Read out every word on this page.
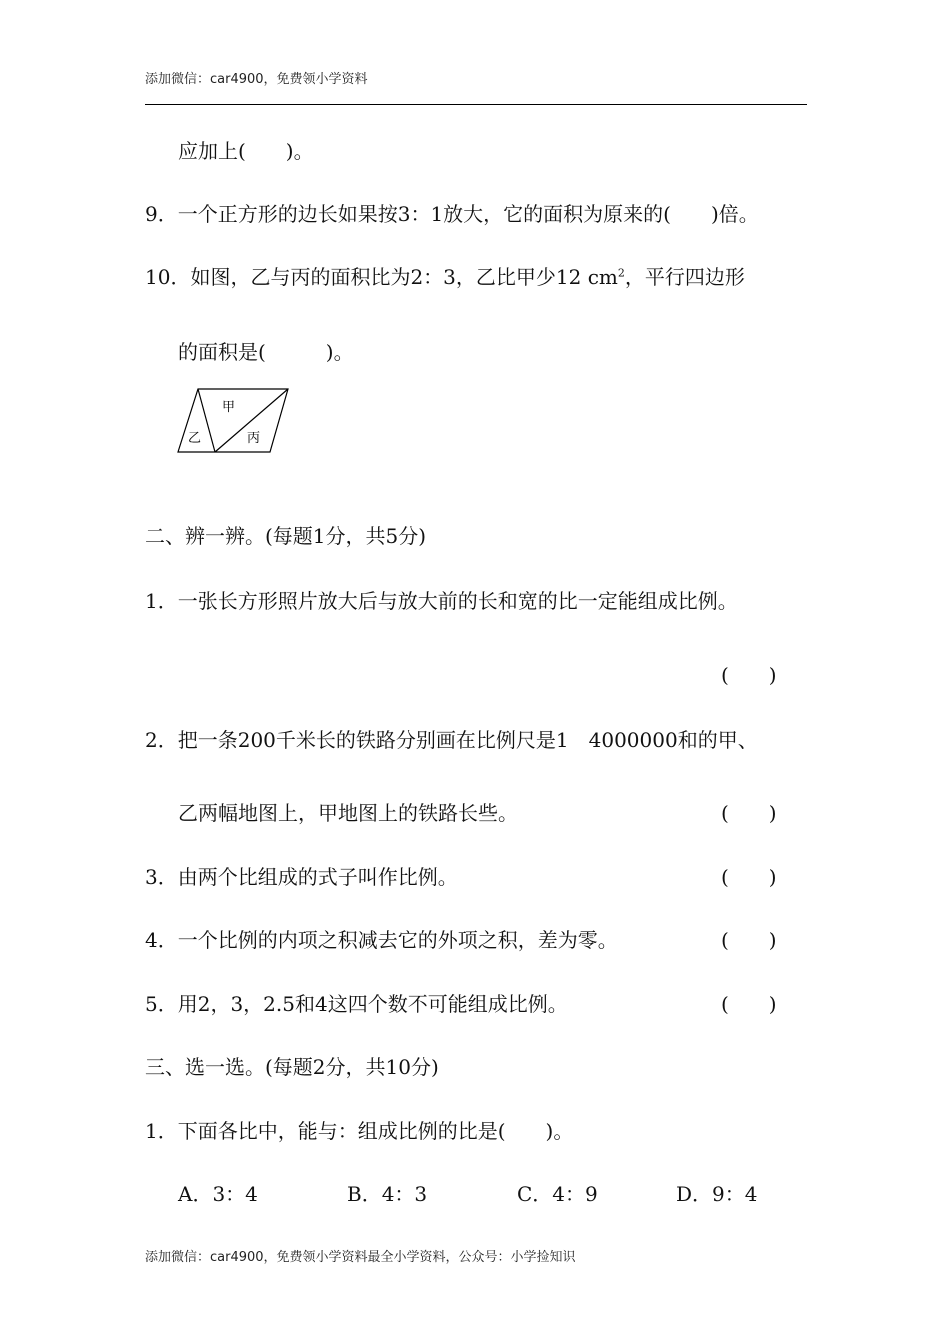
添加微信：car4900，免费领小学资料
应加上(　　)。
9．一个正方形的边长如果按3：1放大，它的面积为原来的(　　)倍。
10．如图，乙与丙的面积比为2：3，乙比甲少12 $cm^2$，平行四边形
的面积是(　　　)。
甲
乙	丙
二、辨一辨。(每题1分，共5分)
1．一张长方形照片放大后与放大前的长和宽的比一定能组成比例。
(　　)
2．把一条200千米长的铁路分别画在比例尺是1　4000000和的甲、
乙两幅地图上，甲地图上的铁路长些。	(　　)
3．由两个比组成的式子叫作比例。	(　　)
4．一个比例的内项之积减去它的外项之积，差为零。	(　　)
5．用2，3，2.5和4这四个数不可能组成比例。	(　　)
三、选一选。(每题2分，共10分)
1．下面各比中，能与：组成比例的比是(　　)。
A．3：4	B．4：3	C．4：9	D．9：4
添加微信：car4900，免费领小学资料最全小学资料，公众号：小学捡知识
